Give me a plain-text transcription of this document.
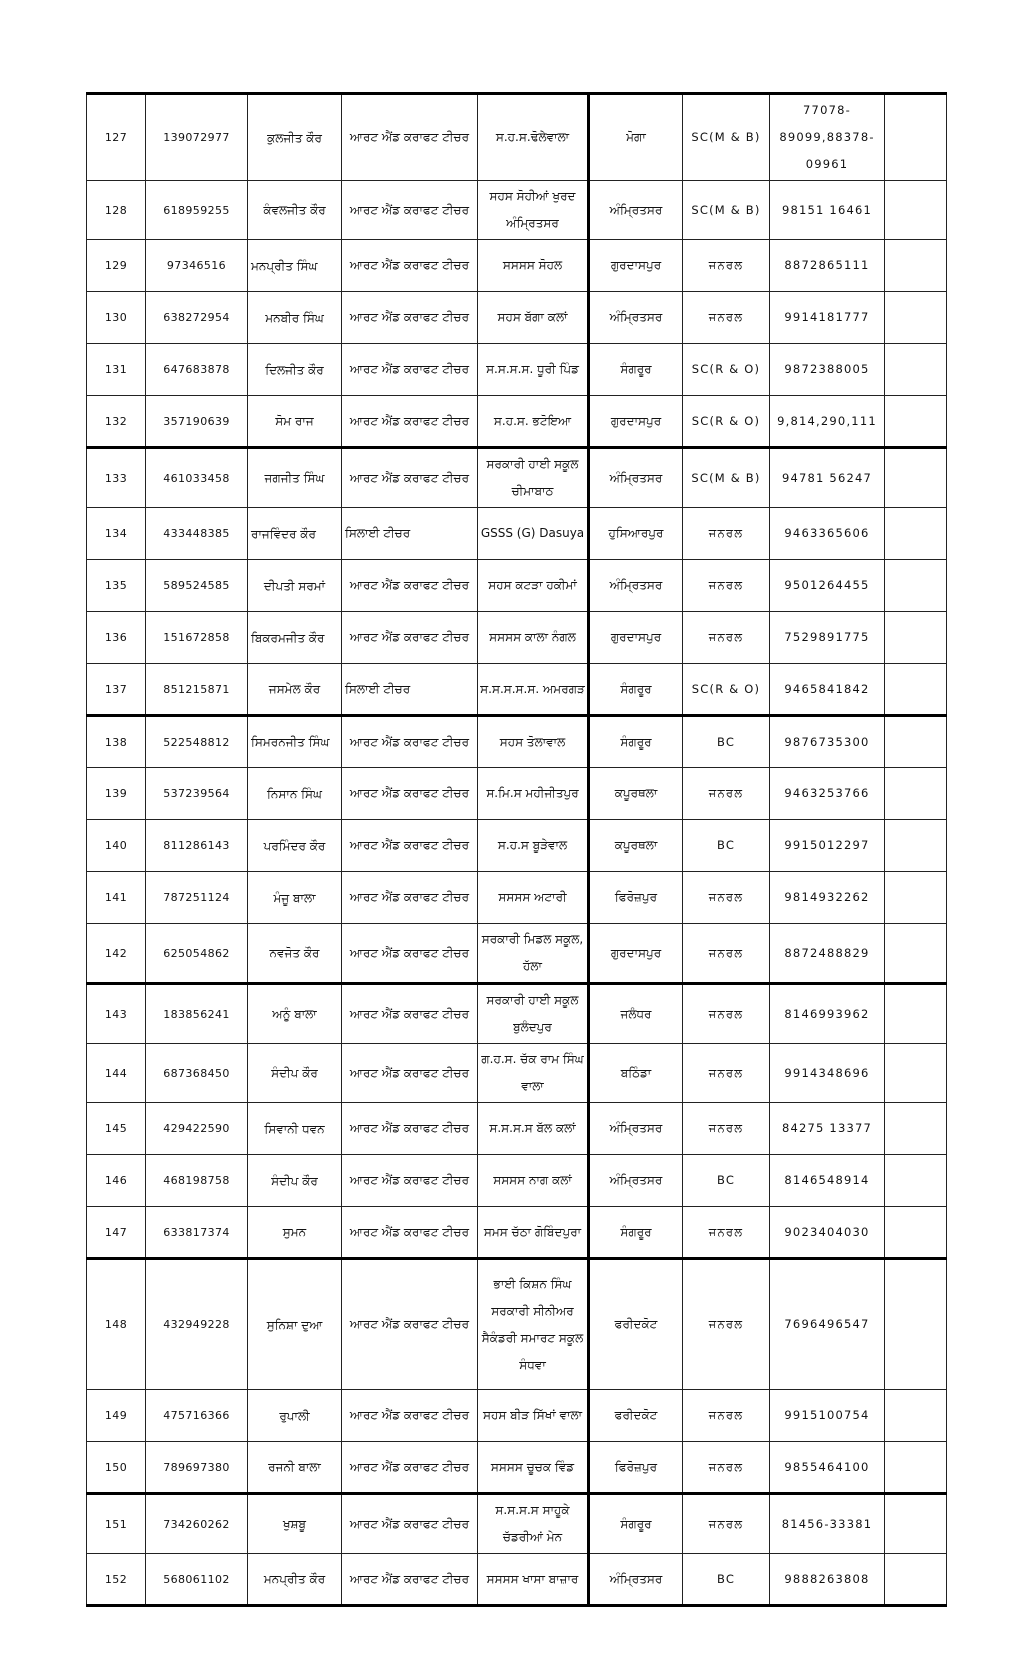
127	139072977	ਕੁਲਜੀਤ ਕੌਰ	ਆਰਟ ਐਂਡ ਕਰਾਫਟ ਟੀਚਰ	ਸ.ਹ.ਸ.ਢੋਲੇਵਾਲਾ	ਮੋਗਾ	SC(M & B)	77078-89099,88378-09961	
128	618959255	ਕੰਵਲਜੀਤ ਕੌਰ	ਆਰਟ ਐਂਡ ਕਰਾਫਟ ਟੀਚਰ	ਸਹਸ ਸੋਹੀਆਂ ਖੁਰਦ ਅੰਮ੍ਰਿਤਸਰ	ਅੰਮ੍ਰਿਤਸਰ	SC(M & B)	98151 16461	
129	97346516	ਮਨਪ੍ਰੀਤ ਸਿੰਘ	ਆਰਟ ਐਂਡ ਕਰਾਫਟ ਟੀਚਰ	ਸਸਸਸ ਸੋਹਲ	ਗੁਰਦਾਸਪੁਰ	ਜਨਰਲ	8872865111	
130	638272954	ਮਨਬੀਰ ਸਿੰਘ	ਆਰਟ ਐਂਡ ਕਰਾਫਟ ਟੀਚਰ	ਸਹਸ ਬੱਗਾ ਕਲਾਂ	ਅੰਮ੍ਰਿਤਸਰ	ਜਨਰਲ	9914181777	
131	647683878	ਦਿਲਜੀਤ ਕੌਰ	ਆਰਟ ਐਂਡ ਕਰਾਫਟ ਟੀਚਰ	ਸ.ਸ.ਸ.ਸ. ਧੂਰੀ ਪਿੰਡ	ਸੰਗਰੂਰ	SC(R & O)	9872388005	
132	357190639	ਸੋਮ ਰਾਜ	ਆਰਟ ਐਂਡ ਕਰਾਫਟ ਟੀਚਰ	ਸ.ਹ.ਸ. ਭਟੋਇਆ	ਗੁਰਦਾਸਪੁਰ	SC(R & O)	9,814,290,111	
133	461033458	ਜਗਜੀਤ ਸਿੰਘ	ਆਰਟ ਐਂਡ ਕਰਾਫਟ ਟੀਚਰ	ਸਰਕਾਰੀ ਹਾਈ ਸਕੂਲ ਚੀਮਾਬਾਠ	ਅੰਮ੍ਰਿਤਸਰ	SC(M & B)	94781 56247	
134	433448385	ਰਾਜਵਿੰਦਰ ਕੌਰ	ਸਿਲਾਈ ਟੀਚਰ	GSSS (G) Dasuya	ਹੁਸਿਆਰਪੁਰ	ਜਨਰਲ	9463365606	
135	589524585	ਦੀਪਤੀ ਸਰਮਾਂ	ਆਰਟ ਐਂਡ ਕਰਾਫਟ ਟੀਚਰ	ਸਹਸ ਕਟੜਾ ਹਕੀਮਾਂ	ਅੰਮ੍ਰਿਤਸਰ	ਜਨਰਲ	9501264455	
136	151672858	ਬਿਕਰਮਜੀਤ ਕੌਰ	ਆਰਟ ਐਂਡ ਕਰਾਫਟ ਟੀਚਰ	ਸਸਸਸ ਕਾਲਾ ਨੰਗਲ	ਗੁਰਦਾਸਪੁਰ	ਜਨਰਲ	7529891775	
137	851215871	ਜਸਮੇਲ ਕੌਰ	ਸਿਲਾਈ ਟੀਚਰ	ਸ.ਸ.ਸ.ਸ.ਸ. ਅਮਰਗੜ	ਸੰਗਰੂਰ	SC(R & O)	9465841842	
138	522548812	ਸਿਮਰਨਜੀਤ ਸਿੰਘ	ਆਰਟ ਐਂਡ ਕਰਾਫਟ ਟੀਚਰ	ਸਹਸ ਤੋਲਾਵਾਲ	ਸੰਗਰੂਰ	BC	9876735300	
139	537239564	ਨਿਸਾਨ ਸਿੰਘ	ਆਰਟ ਐਂਡ ਕਰਾਫਟ ਟੀਚਰ	ਸ.ਮਿ.ਸ ਮਹੀਜੀਤਪੁਰ	ਕਪੂਰਥਲਾ	ਜਨਰਲ	9463253766	
140	811286143	ਪਰਮਿੰਦਰ ਕੌਰ	ਆਰਟ ਐਂਡ ਕਰਾਫਟ ਟੀਚਰ	ਸ.ਹ.ਸ ਬੂੜੇਵਾਲ	ਕਪੂਰਥਲਾ	BC	9915012297	
141	787251124	ਮੰਜੂ ਬਾਲਾ	ਆਰਟ ਐਂਡ ਕਰਾਫਟ ਟੀਚਰ	ਸਸਸਸ ਅਟਾਰੀ	ਫਿਰੋਜ਼ਪੁਰ	ਜਨਰਲ	9814932262	
142	625054862	ਨਵਜੋਤ ਕੌਰ	ਆਰਟ ਐਂਡ ਕਰਾਫਟ ਟੀਚਰ	ਸਰਕਾਰੀ ਮਿਡਲ ਸਕੂਲ, ਹੱਲਾ	ਗੁਰਦਾਸਪੁਰ	ਜਨਰਲ	8872488829	
143	183856241	ਅਨੂੰ ਬਾਲਾ	ਆਰਟ ਐਂਡ ਕਰਾਫਟ ਟੀਚਰ	ਸਰਕਾਰੀ ਹਾਈ ਸਕੂਲ ਬੁਲੰਦਪੁਰ	ਜਲੰਧਰ	ਜਨਰਲ	8146993962	
144	687368450	ਸੰਦੀਪ ਕੌਰ	ਆਰਟ ਐਂਡ ਕਰਾਫਟ ਟੀਚਰ	ਗ.ਹ.ਸ. ਚੱਕ ਰਾਮ ਸਿੰਘ ਵਾਲਾ	ਬਠਿੰਡਾ	ਜਨਰਲ	9914348696	
145	429422590	ਸਿਵਾਨੀ ਧਵਨ	ਆਰਟ ਐਂਡ ਕਰਾਫਟ ਟੀਚਰ	ਸ.ਸ.ਸ.ਸ ਬੱਲ ਕਲਾਂ	ਅੰਮ੍ਰਿਤਸਰ	ਜਨਰਲ	84275 13377	
146	468198758	ਸੰਦੀਪ ਕੌਰ	ਆਰਟ ਐਂਡ ਕਰਾਫਟ ਟੀਚਰ	ਸਸਸਸ ਨਾਗ ਕਲਾਂ	ਅੰਮ੍ਰਿਤਸਰ	BC	8146548914	
147	633817374	ਸੁਮਨ	ਆਰਟ ਐਂਡ ਕਰਾਫਟ ਟੀਚਰ	ਸਮਸ ਚੱਠਾ ਗੋਬਿੰਦਪੁਰਾ	ਸੰਗਰੂਰ	ਜਨਰਲ	9023404030	
148	432949228	ਸੁਨਿਸ਼ਾ ਦੁਆ	ਆਰਟ ਐਂਡ ਕਰਾਫਟ ਟੀਚਰ	ਭਾਈ ਕਿਸ਼ਨ ਸਿੰਘ ਸਰਕਾਰੀ ਸੀਨੀਅਰ ਸੈਕੰਡਰੀ ਸਮਾਰਟ ਸਕੂਲ ਸੰਧਵਾ	ਫਰੀਦਕੋਟ	ਜਨਰਲ	7696496547	
149	475716366	ਰੁਪਾਲੀ	ਆਰਟ ਐਂਡ ਕਰਾਫਟ ਟੀਚਰ	ਸਹਸ ਬੀੜ ਸਿੱਖਾਂ ਵਾਲਾ	ਫਰੀਦਕੋਟ	ਜਨਰਲ	9915100754	
150	789697380	ਰਜਨੀ ਬਾਲਾ	ਆਰਟ ਐਂਡ ਕਰਾਫਟ ਟੀਚਰ	ਸਸਸਸ ਚੂਚਕ ਵਿੰਡ	ਫਿਰੋਜ਼ਪੁਰ	ਜਨਰਲ	9855464100	
151	734260262	ਖੁਸ਼ਬੂ	ਆਰਟ ਐਂਡ ਕਰਾਫਟ ਟੀਚਰ	ਸ.ਸ.ਸ.ਸ ਸਾਹੂਕੇ ਚੱਡਰੀਆਂ ਮੇਨ	ਸੰਗਰੂਰ	ਜਨਰਲ	81456-33381	
152	568061102	ਮਨਪ੍ਰੀਤ ਕੌਰ	ਆਰਟ ਐਂਡ ਕਰਾਫਟ ਟੀਚਰ	ਸਸਸਸ ਖਾਸਾ ਬਾਜ਼ਾਰ	ਅੰਮ੍ਰਿਤਸਰ	BC	9888263808	
